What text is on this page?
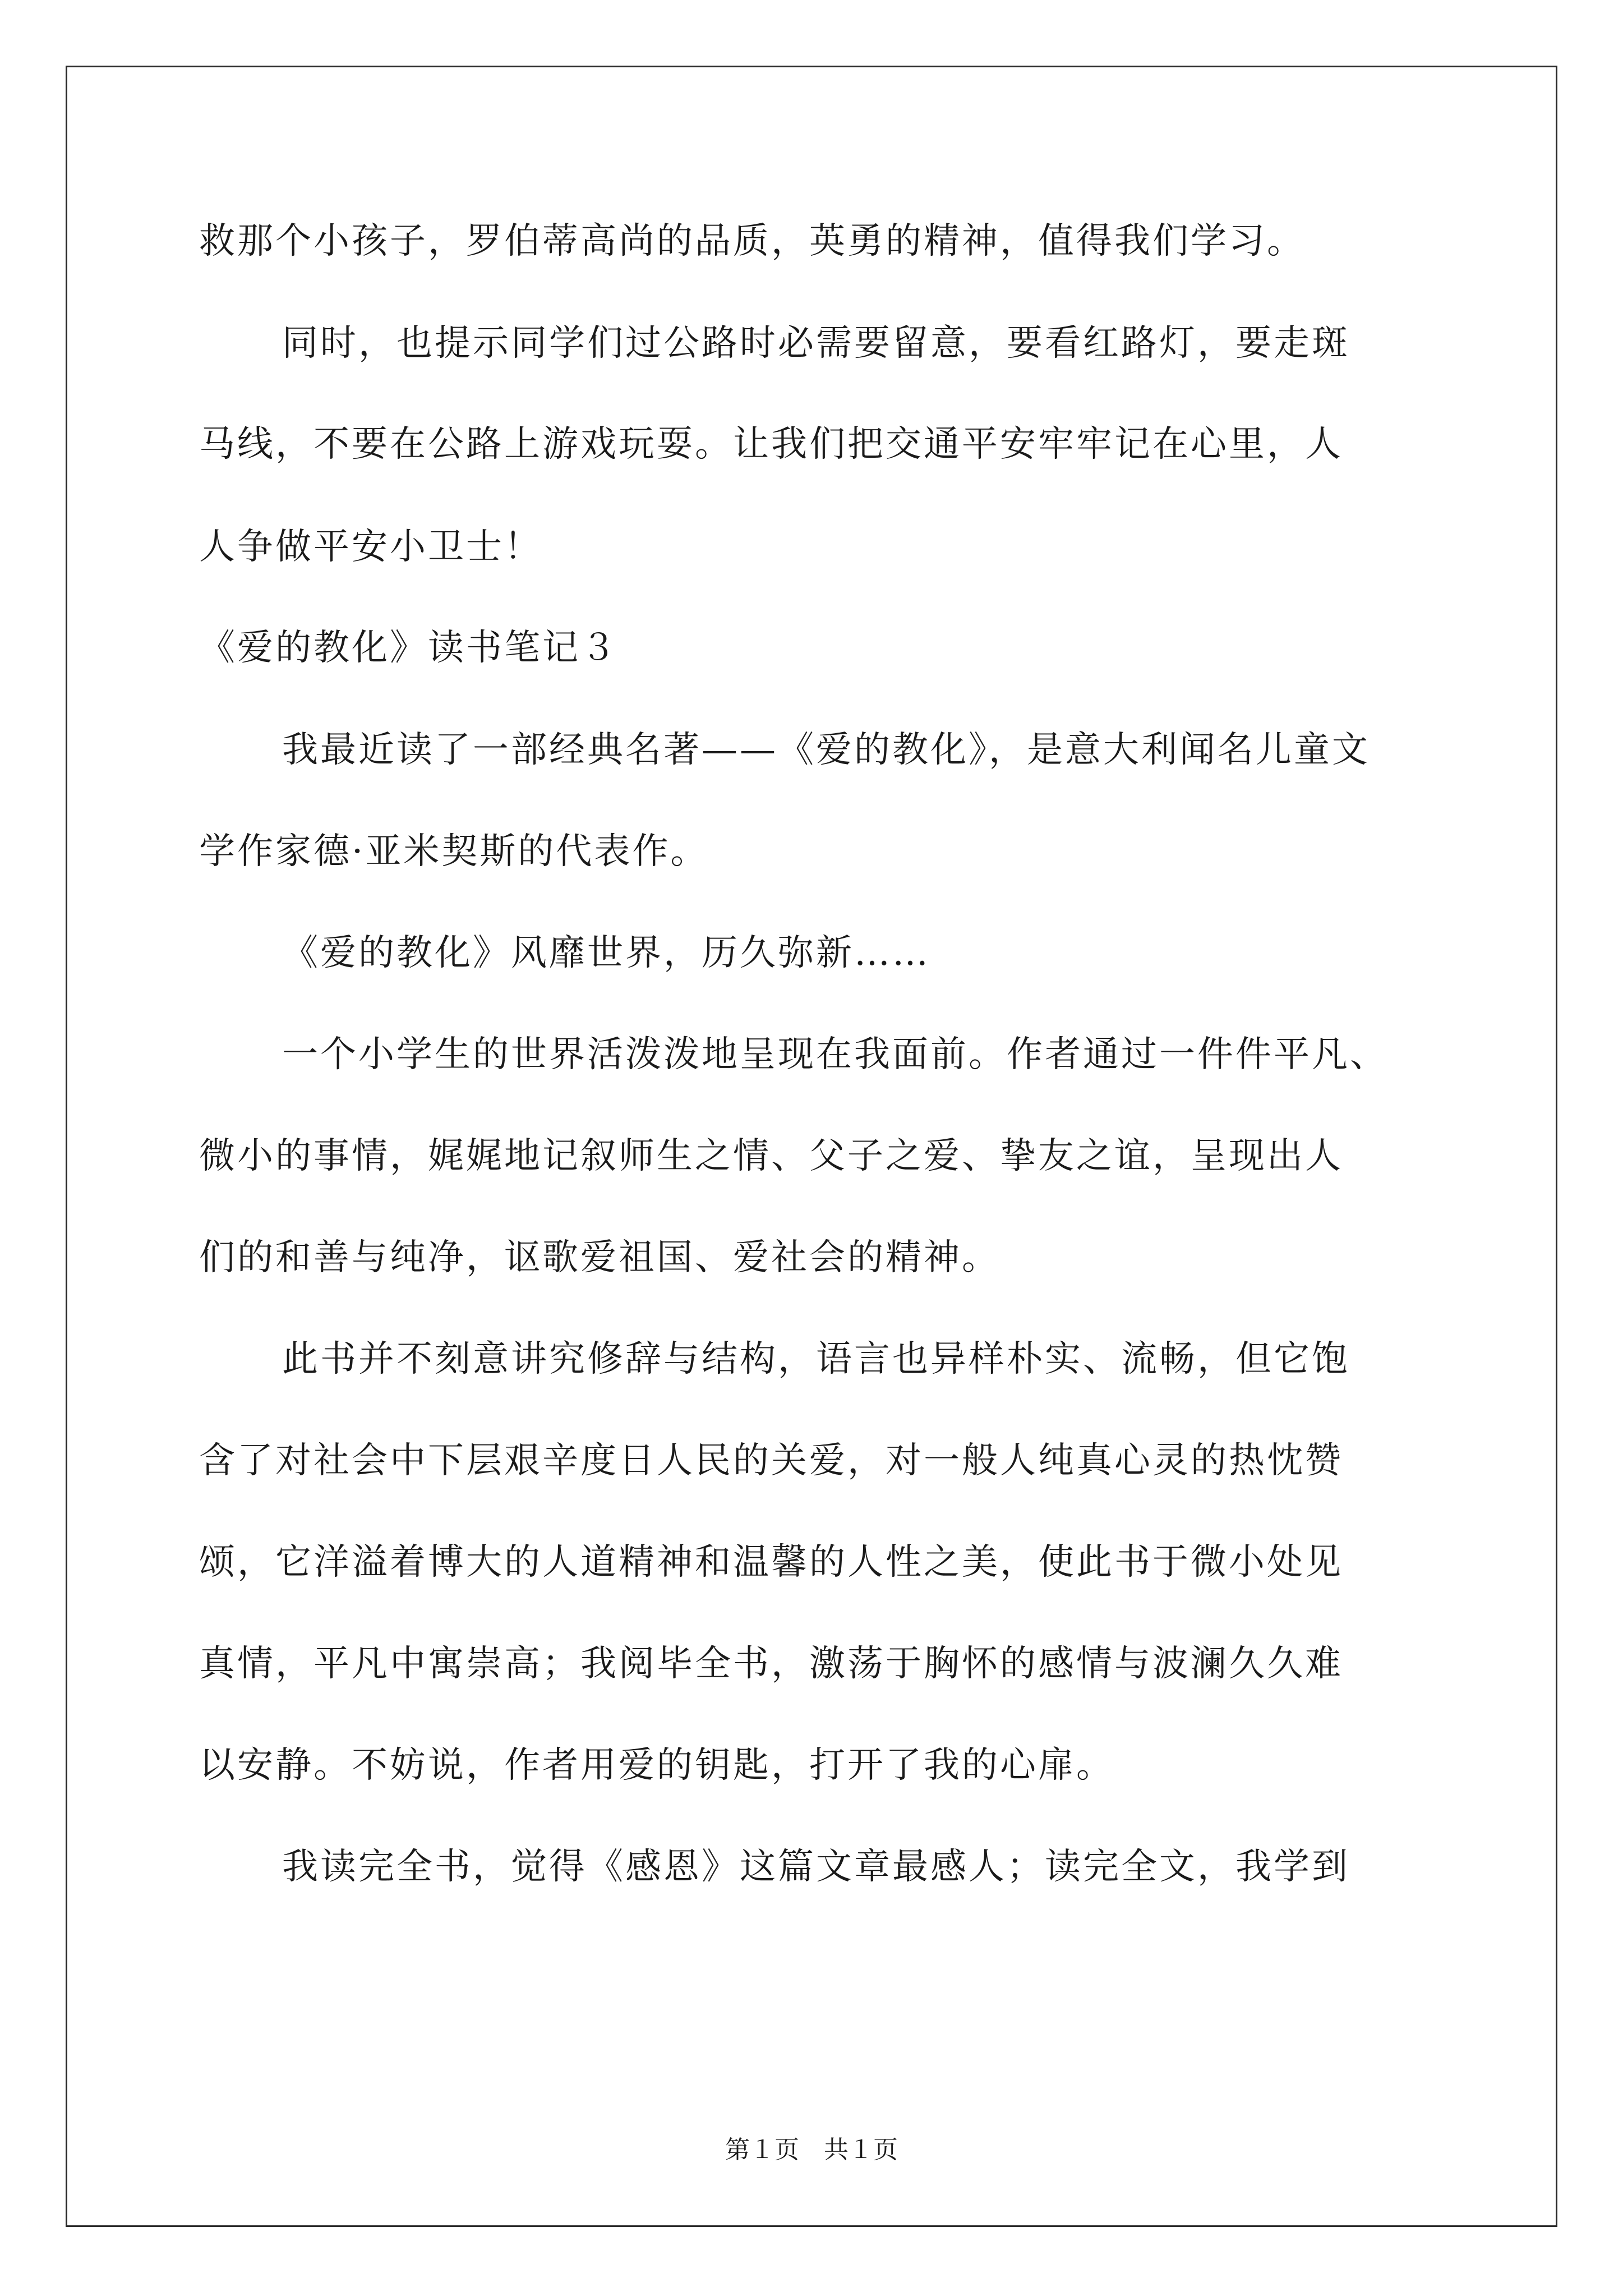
救那个小孩子，罗伯蒂高尚的品质，英勇的精神，值得我们学习。
同时，也提示同学们过公路时必需要留意，要看红路灯，要走斑
马线，不要在公路上游戏玩耍。让我们把交通平安牢牢记在心里，人
人争做平安小卫士！
《爱的教化》读书笔记３
我最近读了一部经典名著——《爱的教化》，是意大利闻名儿童文
学作家德·亚米契斯的代表作。
《爱的教化》风靡世界，历久弥新……
一个小学生的世界活泼泼地呈现在我面前。作者通过一件件平凡、
微小的事情，娓娓地记叙师生之情、父子之爱、挚友之谊，呈现出人
们的和善与纯净，讴歌爱祖国、爱社会的精神。
此书并不刻意讲究修辞与结构，语言也异样朴实、流畅，但它饱
含了对社会中下层艰辛度日人民的关爱，对一般人纯真心灵的热忱赞
颂，它洋溢着博大的人道精神和温馨的人性之美，使此书于微小处见
真情，平凡中寓崇高；我阅毕全书，激荡于胸怀的感情与波澜久久难
以安静。不妨说，作者用爱的钥匙，打开了我的心扉。
我读完全书，觉得《感恩》这篇文章最感人；读完全文，我学到
第１页　共１页
